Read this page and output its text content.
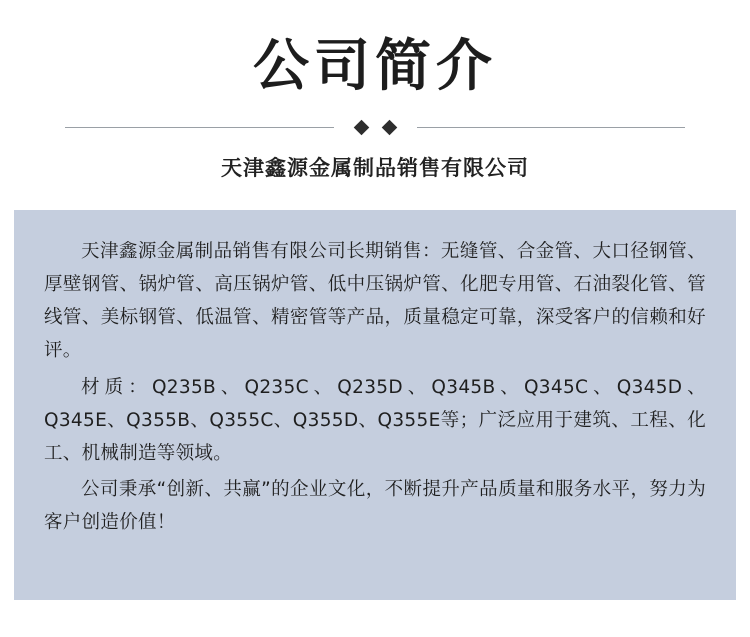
公司简介
天津鑫源金属制品销售有限公司

天津鑫源金属制品销售有限公司长期销售：无缝管、合金管、大口径钢管、厚壁钢管、锅炉管、高压锅炉管、低中压锅炉管、化肥专用管、石油裂化管、管线管、美标钢管、低温管、精密管等产品，质量稳定可靠，深受客户的信赖和好评。

材质：Q235B、Q235C、Q235D、Q345B、Q345C、Q345D、Q345E、Q355B、Q355C、Q355D、Q355E等；广泛应用于建筑、工程、化工、机械制造等领域。

公司秉承“创新、共赢”的企业文化，不断提升产品质量和服务水平，努力为客户创造价值！
